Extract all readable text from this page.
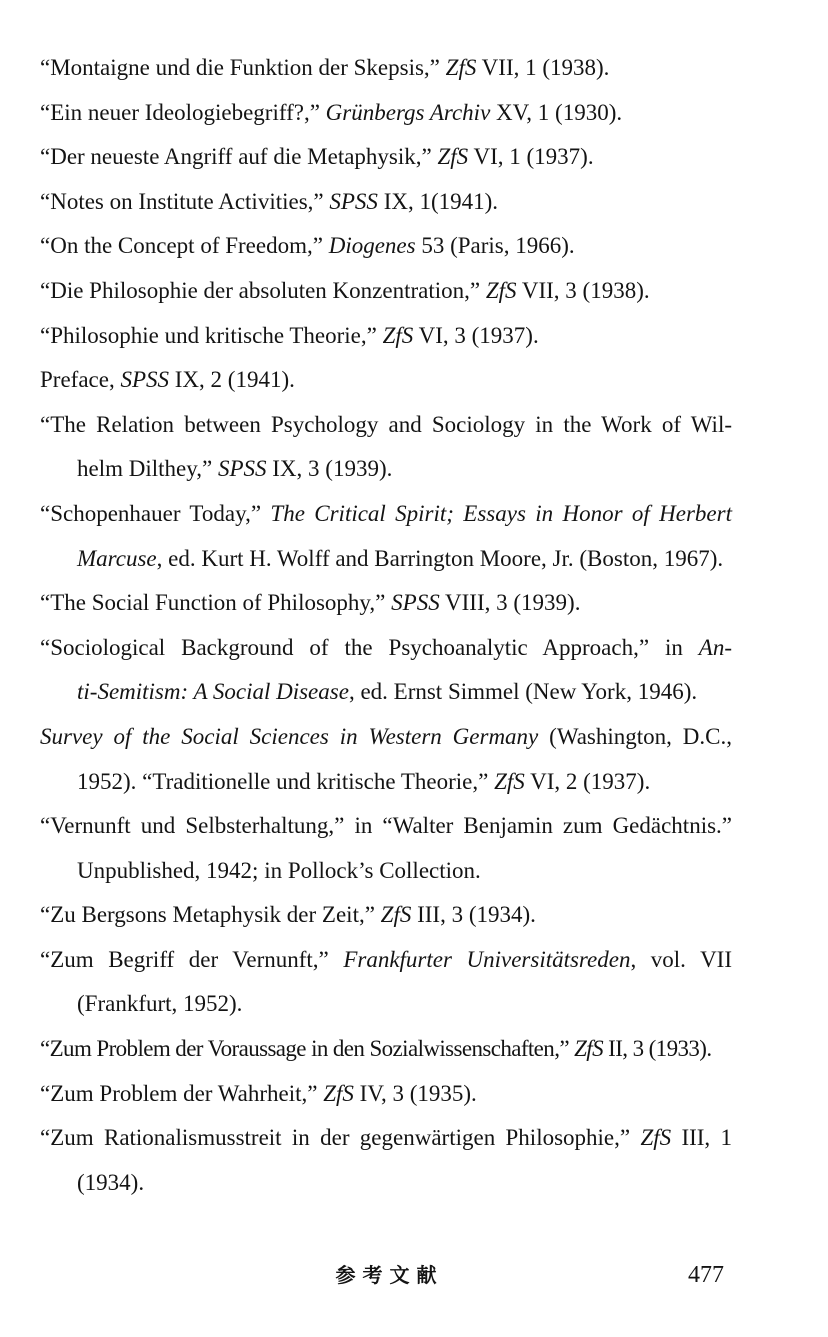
“Montaigne und die Funktion der Skepsis,” ZfS VII, 1 (1938).
“Ein neuer Ideologiebegriff?,” Grünbergs Archiv XV, 1 (1930).
“Der neueste Angriff auf die Metaphysik,” ZfS VI, 1 (1937).
“Notes on Institute Activities,” SPSS IX, 1(1941).
“On the Concept of Freedom,” Diogenes 53 (Paris, 1966).
“Die Philosophie der absoluten Konzentration,” ZfS VII, 3 (1938).
“Philosophie und kritische Theorie,” ZfS VI, 3 (1937).
Preface, SPSS IX, 2 (1941).
“The Relation between Psychology and Sociology in the Work of Wil-
helm Dilthey,” SPSS IX, 3 (1939).
“Schopenhauer Today,” The Critical Spirit; Essays in Honor of Herbert
Marcuse, ed. Kurt H. Wolff and Barrington Moore, Jr. (Boston, 1967).
“The Social Function of Philosophy,” SPSS VIII, 3 (1939).
“Sociological Background of the Psychoanalytic Approach,” in An-
ti-Semitism: A Social Disease, ed. Ernst Simmel (New York, 1946).
Survey of the Social Sciences in Western Germany (Washington, D.C.,
1952). “Traditionelle und kritische Theorie,” ZfS VI, 2 (1937).
“Vernunft und Selbsterhaltung,” in “Walter Benjamin zum Gedächtnis.”
Unpublished, 1942; in Pollock’s Collection.
“Zu Bergsons Metaphysik der Zeit,” ZfS III, 3 (1934).
“Zum Begriff der Vernunft,” Frankfurter Universitätsreden, vol. VII
(Frankfurt, 1952).
“Zum Problem der Voraussage in den Sozialwissenschaften,” ZfS II, 3 (1933).
“Zum Problem der Wahrheit,” ZfS IV, 3 (1935).
“Zum Rationalismusstreit in der gegenwärtigen Philosophie,” ZfS III, 1
(1934).
参考文献	477
